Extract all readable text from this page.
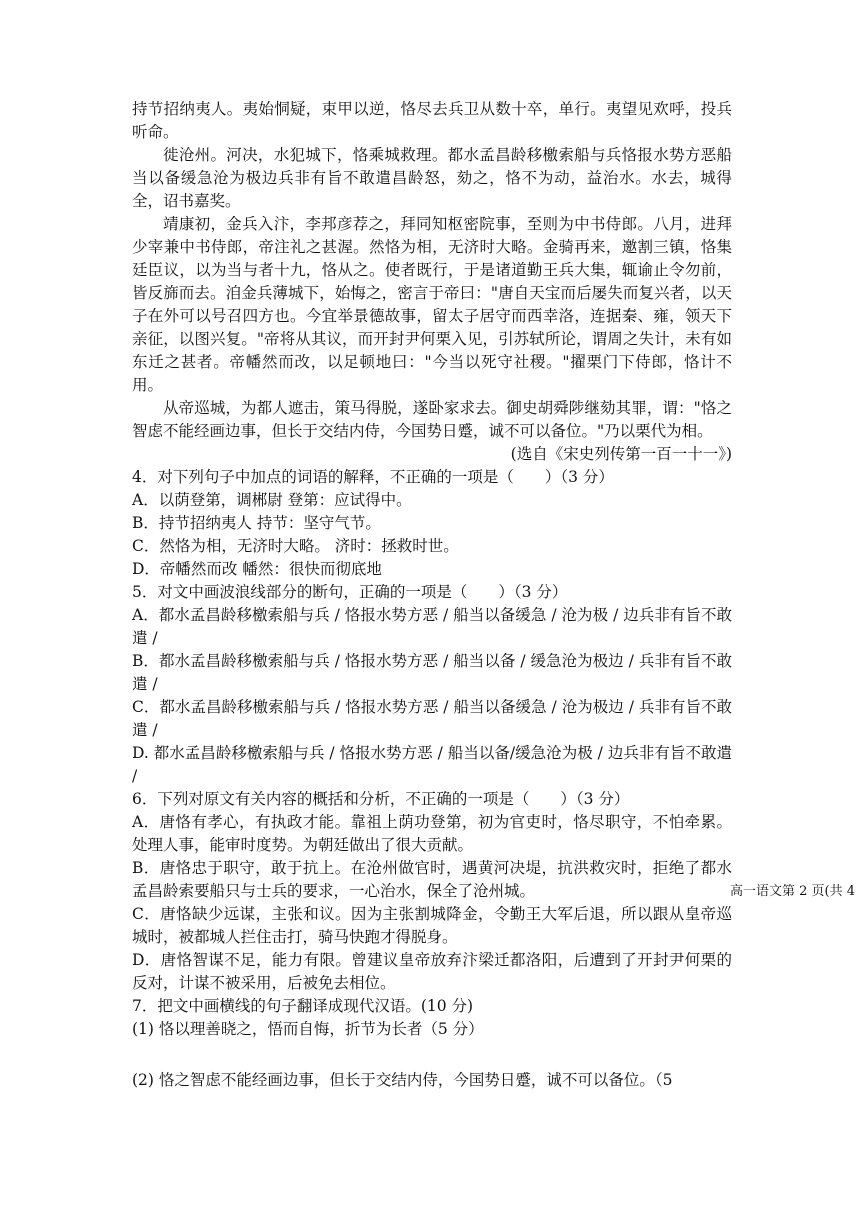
持节招纳夷人。夷始恫疑，束甲以逆，恪尽去兵卫从数十卒，单行。夷望见欢呼，投兵听命。

徙沧州。河决，水犯城下，恪乘城救理。都水孟昌龄移檄索船与兵恪报水势方恶船当以备缓急沧为极边兵非有旨不敢遣昌龄怒，劾之，恪不为动，益治水。水去，城得全，诏书嘉奖。

靖康初，金兵入汴，李邦彦荐之，拜同知枢密院事，至则为中书侍郎。八月，进拜少宰兼中书侍郎，帝注礼之甚渥。然恪为相，无济时大略。金骑再来，邀割三镇，恪集廷臣议，以为当与者十九，恪从之。使者既行，于是诸道勤王兵大集，辄谕止令勿前，皆反旆而去。洎金兵薄城下，始悔之，密言于帝曰："唐自天宝而后屡失而复兴者，以天子在外可以号召四方也。今宜举景德故事，留太子居守而西幸洛，连据秦、雍，领天下亲征，以图兴复。"帝将从其议，而开封尹何栗入见，引苏轼所论，谓周之失计，未有如东迁之甚者。帝幡然而改，以足顿地曰："今当以死守社稷。"擢栗门下侍郎，恪计不用。

从帝巡城，为都人遮击，策马得脱，遂卧家求去。御史胡舜陟继劾其罪，谓："恪之智虑不能经画边事，但长于交结内侍，今国势日蹙，诚不可以备位。"乃以栗代为相。

(选自《宋史列传第一百一十一》)

4．对下列句子中加点的词语的解释，不正确的一项是（　　）（3 分）

A．以荫登第，调郴尉 登第：应试得中。

B．持节招纳夷人 持节：坚守气节。

C．然恪为相，无济时大略。 济时：拯救时世。

D．帝幡然而改 幡然：很快而彻底地

5．对文中画波浪线部分的断句，正确的一项是（　　）（3 分）

A．都水孟昌龄移檄索船与兵 / 恪报水势方恶 / 船当以备缓急 / 沧为极 / 边兵非有旨不敢遣 /

B．都水孟昌龄移檄索船与兵 / 恪报水势方恶 / 船当以备 / 缓急沧为极边 / 兵非有旨不敢遣 /

C．都水孟昌龄移檄索船与兵 / 恪报水势方恶 / 船当以备缓急 / 沧为极边 / 兵非有旨不敢遣 /

D. 都水孟昌龄移檄索船与兵 / 恪报水势方恶 / 船当以备/缓急沧为极 / 边兵非有旨不敢遣 /

6．下列对原文有关内容的概括和分析，不正确的一项是（　　）（3 分）

A．唐恪有孝心，有执政才能。靠祖上荫功登第，初为官吏时，恪尽职守，不怕牵累。处理人事，能审时度势。为朝廷做出了很大贡献。

B．唐恪忠于职守，敢于抗上。在沧州做官时，遇黄河决堤，抗洪救灾时，拒绝了都水孟昌龄索要船只与士兵的要求，一心治水，保全了沧州城。

C．唐恪缺少远谋，主张和议。因为主张割城降金，令勤王大军后退，所以跟从皇帝巡城时，被都城人拦住击打，骑马快跑才得脱身。

D．唐恪智谋不足，能力有限。曾建议皇帝放弃汴梁迁都洛阳，后遭到了开封尹何栗的反对，计谋不被采用，后被免去相位。

7．把文中画横线的句子翻译成现代汉语。(10 分)

(1) 恪以理善晓之，悟而自悔，折节为长者（5 分）

(2) 恪之智虑不能经画边事，但长于交结内侍，今国势日蹙，诚不可以备位。（5

高一语文第 2 页(共 4
